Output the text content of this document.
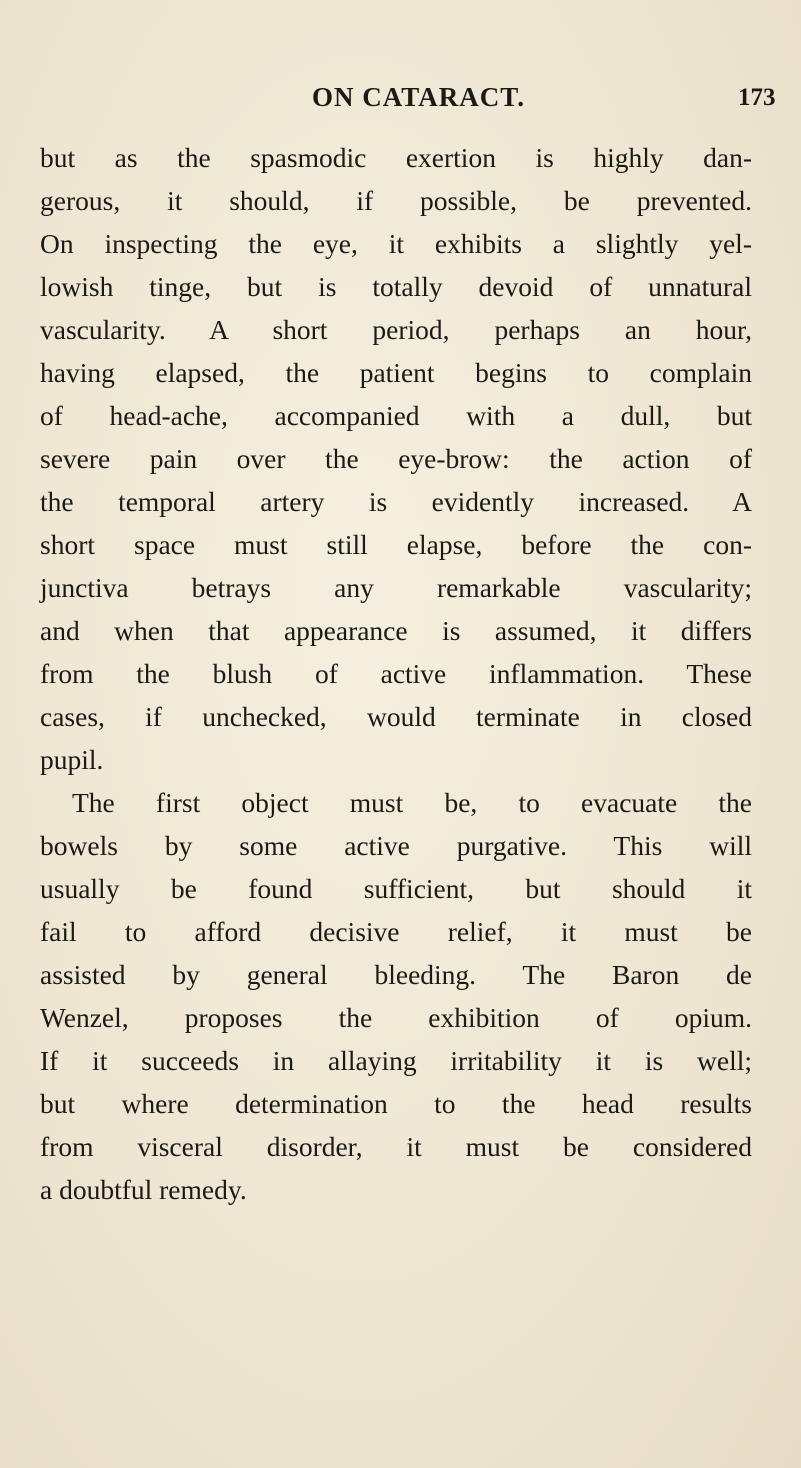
ON CATARACT.	173
but as the spasmodic exertion is highly dan-
gerous, it should, if possible, be prevented.
On inspecting the eye, it exhibits a slightly yel-
lowish tinge, but is totally devoid of unnatural
vascularity. A short period, perhaps an hour,
having elapsed, the patient begins to complain
of head-ache, accompanied with a dull, but
severe pain over the eye-brow: the action of
the temporal artery is evidently increased. A
short space must still elapse, before the con-
junctiva betrays any remarkable vascularity;
and when that appearance is assumed, it differs
from the blush of active inflammation. These
cases, if unchecked, would terminate in closed
pupil.
The first object must be, to evacuate the
bowels by some active purgative. This will
usually be found sufficient, but should it
fail to afford decisive relief, it must be
assisted by general bleeding. The Baron de
Wenzel, proposes the exhibition of opium.
If it succeeds in allaying irritability it is well;
but where determination to the head results
from visceral disorder, it must be considered
a doubtful remedy.
